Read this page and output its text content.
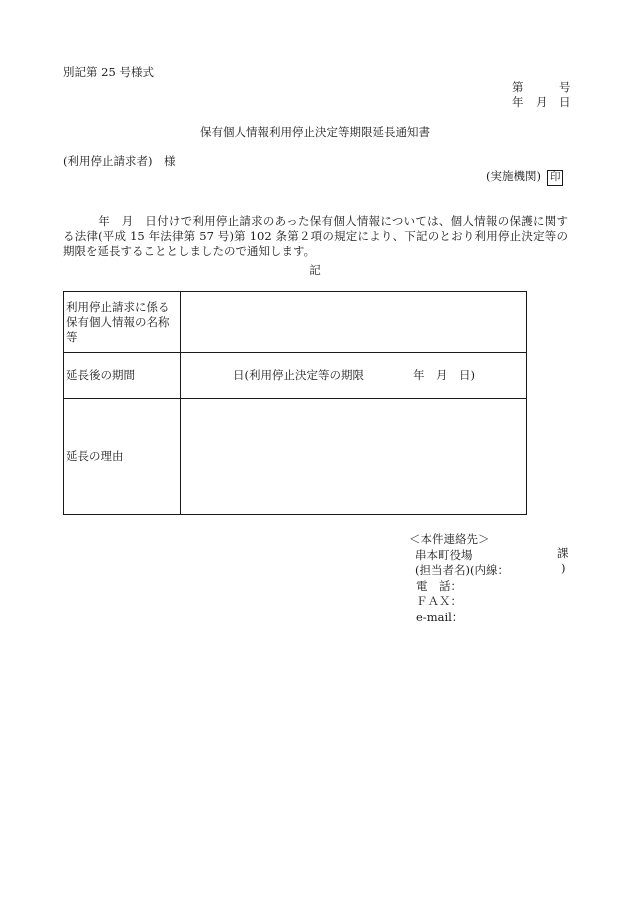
別記第 25 号様式
第	号
年 月 日
保有個人情報利用停止決定等期限延長通知書
(利用停止請求者)　様
(実施機関) 印
　　　年　月　日付けで利用停止請求のあった保有個人情報については、個人情報の保護に関する法律(平成 15 年法律第 57 号)第 102 条第２項の規定により、下記のとおり利用停止決定等の期限を延長することとしましたので通知します。
記
利用停止請求に係る保有個人情報の名称等	
延長後の期間	日(利用停止決定等の期限 年　月　日)

延長の理由	
＜本件連絡先＞
串本町役場	課
(担当者名)(内線：	)
電　話：
ＦＡＸ：
e-mail：
